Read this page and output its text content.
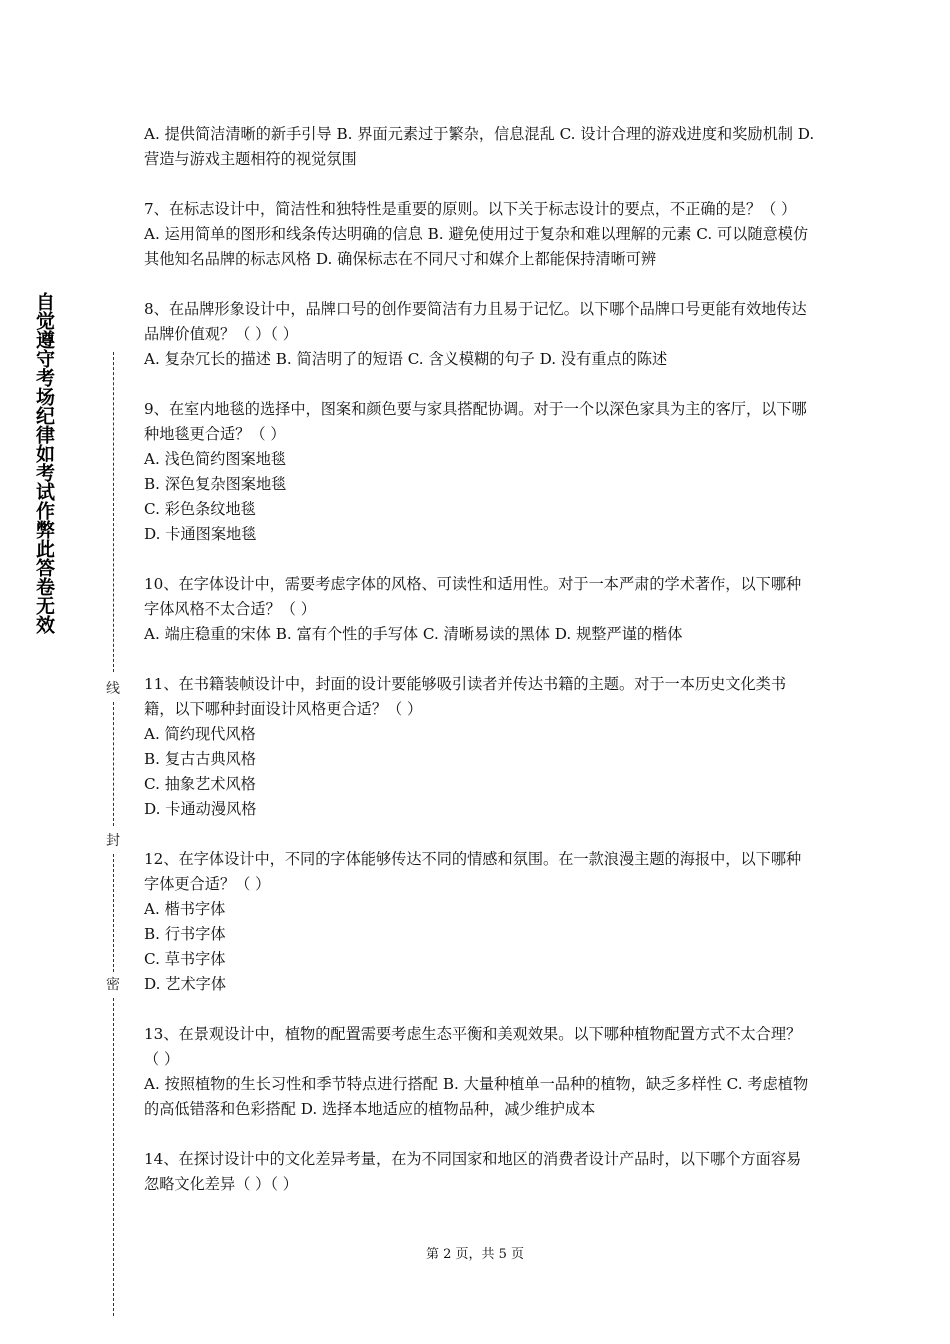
自觉遵守考场纪律如考试作弊此答卷无效
线
封
密

A. 提供简洁清晰的新手引导 B. 界面元素过于繁杂，信息混乱 C. 设计合理的游戏进度和奖励机制 D. 营造与游戏主题相符的视觉氛围

7、在标志设计中，简洁性和独特性是重要的原则。以下关于标志设计的要点，不正确的是？（ ）

A. 运用简单的图形和线条传达明确的信息 B. 避免使用过于复杂和难以理解的元素 C. 可以随意模仿其他知名品牌的标志风格 D. 确保标志在不同尺寸和媒介上都能保持清晰可辨

8、在品牌形象设计中，品牌口号的创作要简洁有力且易于记忆。以下哪个品牌口号更能有效地传达品牌价值观？（ ）（ ）

A. 复杂冗长的描述 B. 简洁明了的短语 C. 含义模糊的句子 D. 没有重点的陈述

9、在室内地毯的选择中，图案和颜色要与家具搭配协调。对于一个以深色家具为主的客厅，以下哪种地毯更合适？（ ）

A. 浅色简约图案地毯

B. 深色复杂图案地毯

C. 彩色条纹地毯

D. 卡通图案地毯

10、在字体设计中，需要考虑字体的风格、可读性和适用性。对于一本严肃的学术著作，以下哪种字体风格不太合适？（ ）

A. 端庄稳重的宋体 B. 富有个性的手写体 C. 清晰易读的黑体 D. 规整严谨的楷体

11、在书籍装帧设计中，封面的设计要能够吸引读者并传达书籍的主题。对于一本历史文化类书籍，以下哪种封面设计风格更合适？（ ）

A. 简约现代风格

B. 复古古典风格

C. 抽象艺术风格

D. 卡通动漫风格

12、在字体设计中，不同的字体能够传达不同的情感和氛围。在一款浪漫主题的海报中，以下哪种字体更合适？（ ）

A. 楷书字体

B. 行书字体

C. 草书字体

D. 艺术字体

13、在景观设计中，植物的配置需要考虑生态平衡和美观效果。以下哪种植物配置方式不太合理？（ ）

A. 按照植物的生长习性和季节特点进行搭配 B. 大量种植单一品种的植物，缺乏多样性 C. 考虑植物的高低错落和色彩搭配 D. 选择本地适应的植物品种，减少维护成本

14、在探讨设计中的文化差异考量，在为不同国家和地区的消费者设计产品时，以下哪个方面容易忽略文化差异（ ）（ ）

第 2 页，共 5 页
